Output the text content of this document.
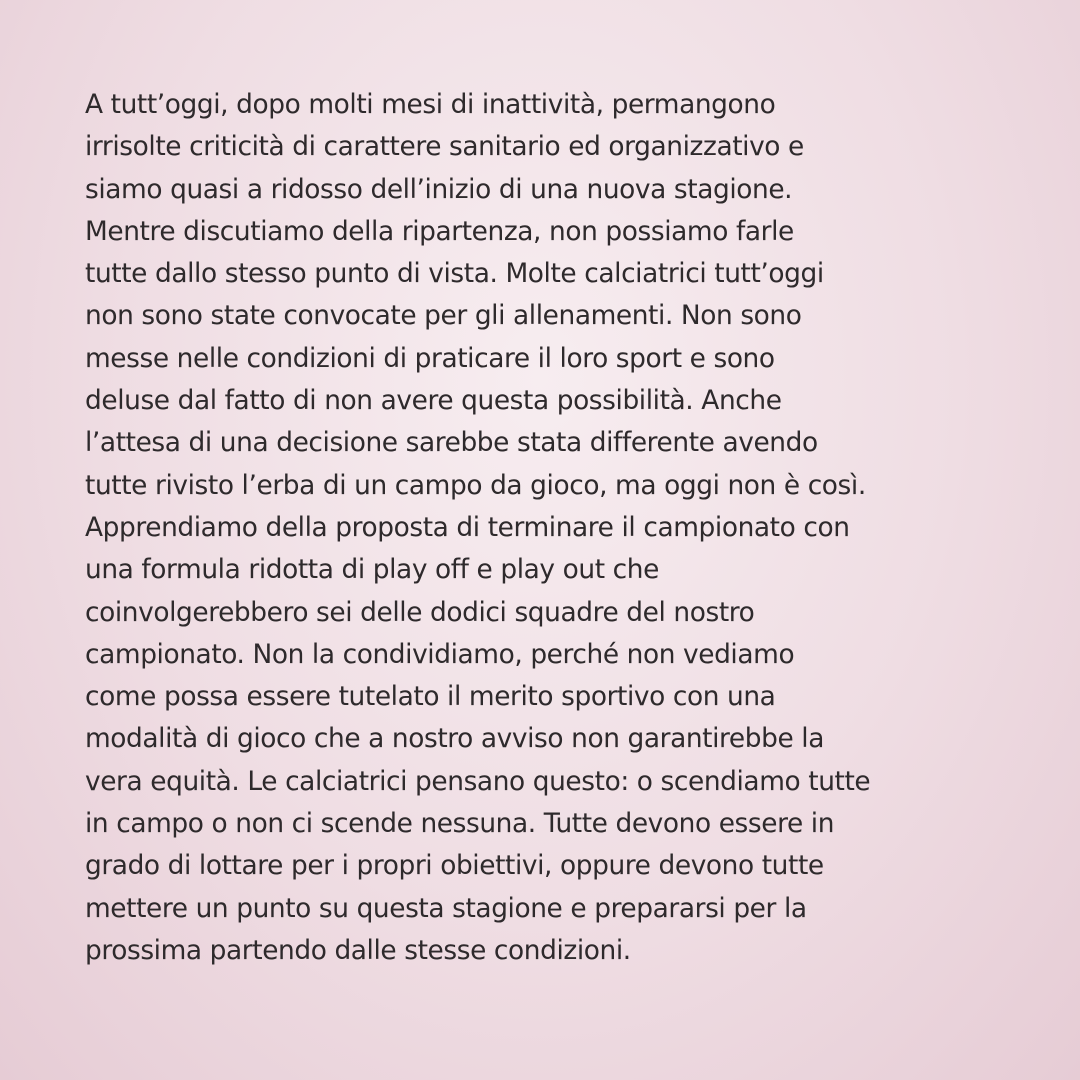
A tutt’oggi, dopo molti mesi di inattività, permangono
irrisolte criticità di carattere sanitario ed organizzativo e
siamo quasi a ridosso dell’inizio di una nuova stagione.
Mentre discutiamo della ripartenza, non possiamo farle
tutte dallo stesso punto di vista. Molte calciatrici tutt’oggi
non sono state convocate per gli allenamenti. Non sono
messe nelle condizioni di praticare il loro sport e sono
deluse dal fatto di non avere questa possibilità. Anche
l’attesa di una decisione sarebbe stata differente avendo
tutte rivisto l’erba di un campo da gioco, ma oggi non è così.
Apprendiamo della proposta di terminare il campionato con
una formula ridotta di play off e play out che
coinvolgerebbero sei delle dodici squadre del nostro
campionato. Non la condividiamo, perché non vediamo
come possa essere tutelato il merito sportivo con una
modalità di gioco che a nostro avviso non garantirebbe la
vera equità. Le calciatrici pensano questo: o scendiamo tutte
in campo o non ci scende nessuna. Tutte devono essere in
grado di lottare per i propri obiettivi, oppure devono tutte
mettere un punto su questa stagione e prepararsi per la
prossima partendo dalle stesse condizioni.
